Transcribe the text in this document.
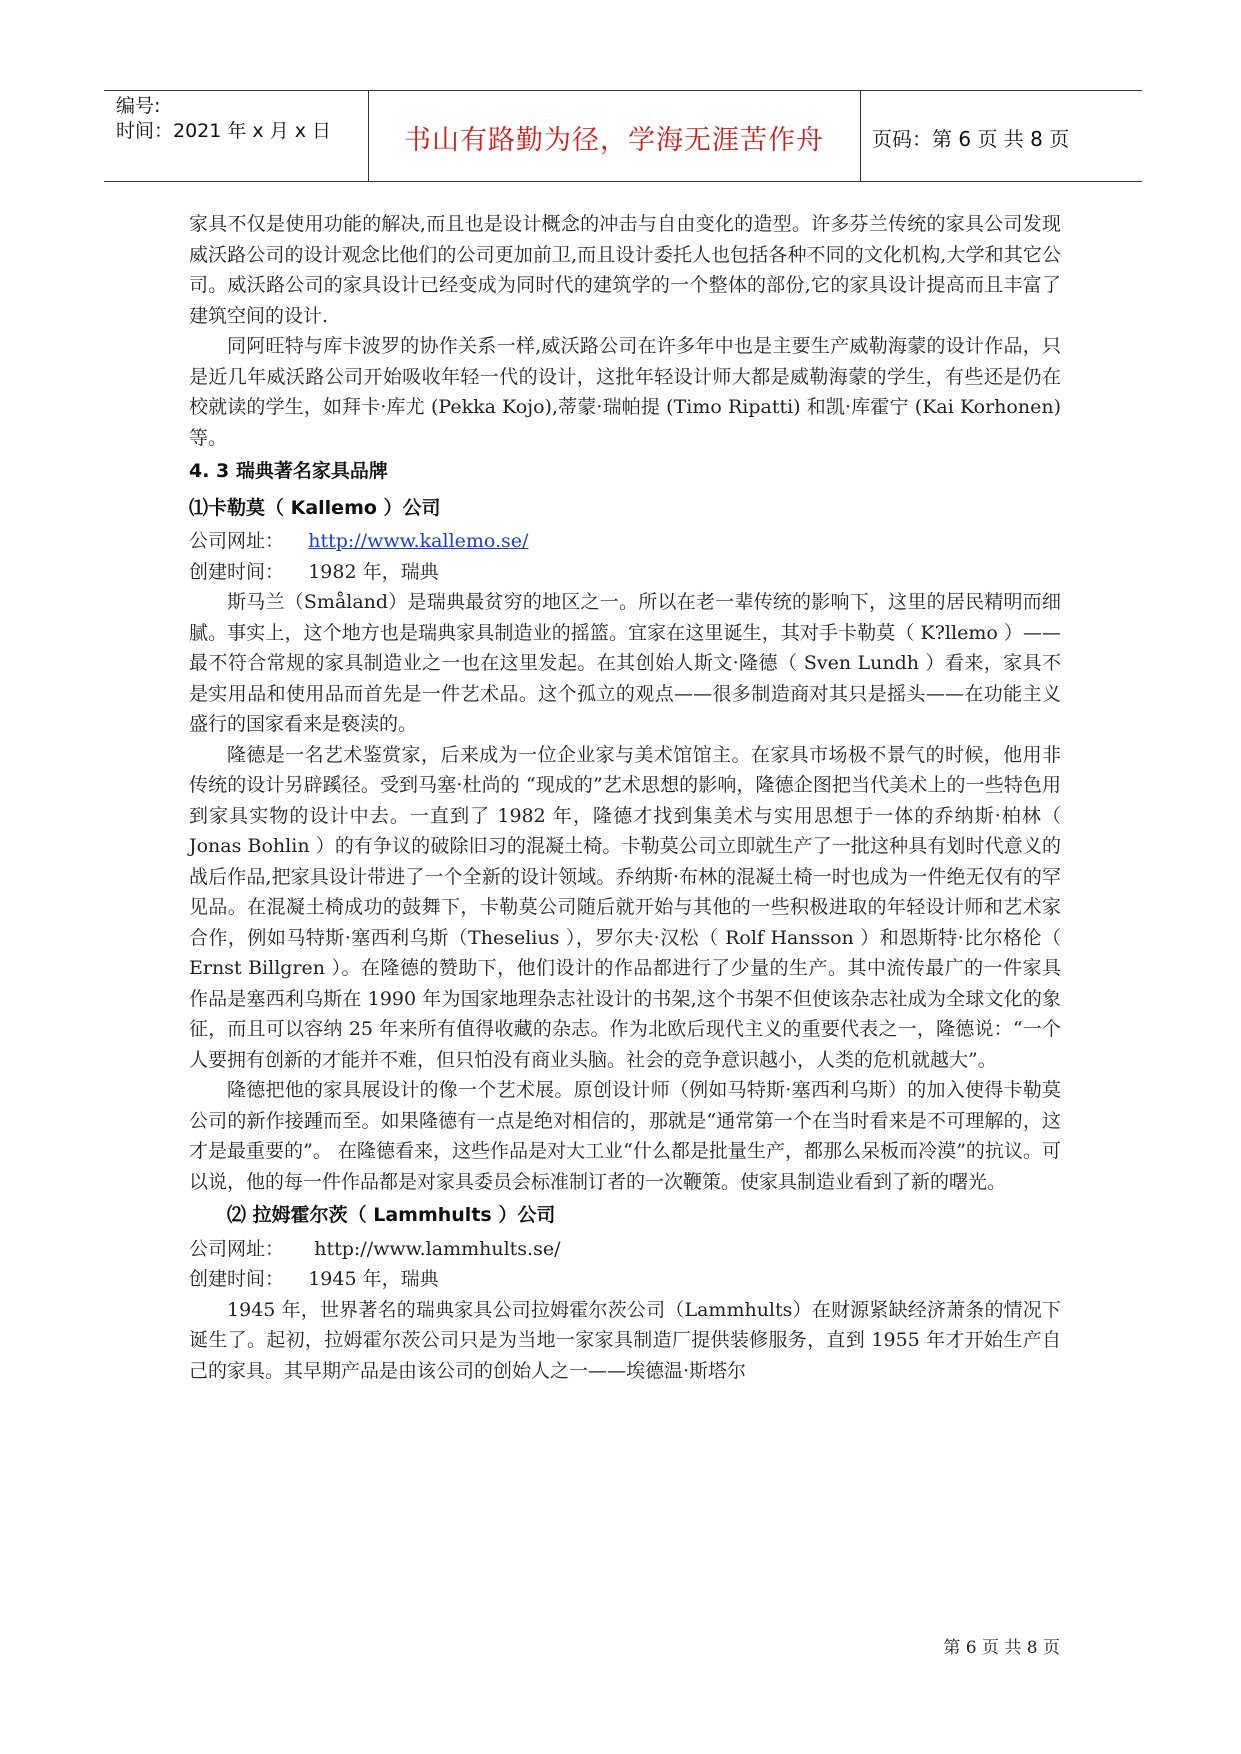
编号:
时间：2021 年 x 月 x 日	书山有路勤为径，学海无涯苦作舟	页码：第 6 页 共 8 页

家具不仅是使用功能的解决,而且也是设计概念的冲击与自由变化的造型。许多芬兰传统的家具公司发现威沃路公司的设计观念比他们的公司更加前卫,而且设计委托人也包括各种不同的文化机构,大学和其它公司。威沃路公司的家具设计已经变成为同时代的建筑学的一个整体的部份,它的家具设计提高而且丰富了建筑空间的设计.

同阿旺特与库卡波罗的协作关系一样,威沃路公司在许多年中也是主要生产威勒海蒙的设计作品，只是近几年威沃路公司开始吸收年轻一代的设计，这批年轻设计师大都是威勒海蒙的学生，有些还是仍在校就读的学生，如拜卡·库尤 (Pekka Kojo),蒂蒙·瑞帕提 (Timo Ripatti) 和凯·库霍宁 (Kai Korhonen) 等。

4. 3 瑞典著名家具品牌
⑴卡勒莫（ Kallemo ）公司

公司网址： http://www.kallemo.se/

创建时间： 1982 年，瑞典

斯马兰（Småland）是瑞典最贫穷的地区之一。所以在老一辈传统的影响下，这里的居民精明而细腻。事实上，这个地方也是瑞典家具制造业的摇篮。宜家在这里诞生，其对手卡勒莫（ K?llemo ）——最不符合常规的家具制造业之一也在这里发起。在其创始人斯文·隆德（ Sven Lundh ）看来，家具不是实用品和使用品而首先是一件艺术品。这个孤立的观点——很多制造商对其只是摇头——在功能主义盛行的国家看来是亵渎的。

隆德是一名艺术鉴赏家，后来成为一位企业家与美术馆馆主。在家具市场极不景气的时候，他用非传统的设计另辟蹊径。受到马塞·杜尚的 “现成的”艺术思想的影响，隆德企图把当代美术上的一些特色用到家具实物的设计中去。一直到了 1982 年，隆德才找到集美术与实用思想于一体的乔纳斯·柏林（ Jonas Bohlin ）的有争议的破除旧习的混凝土椅。卡勒莫公司立即就生产了一批这种具有划时代意义的战后作品,把家具设计带进了一个全新的设计领域。乔纳斯·布林的混凝土椅一时也成为一件绝无仅有的罕见品。在混凝土椅成功的鼓舞下，卡勒莫公司随后就开始与其他的一些积极进取的年轻设计师和艺术家合作，例如马特斯·塞西利乌斯（Theselius ），罗尔夫·汉松（ Rolf Hansson ）和恩斯特·比尔格伦（ Ernst Billgren ）。在隆德的赞助下，他们设计的作品都进行了少量的生产。其中流传最广的一件家具作品是塞西利乌斯在 1990 年为国家地理杂志社设计的书架,这个书架不但使该杂志社成为全球文化的象征，而且可以容纳 25 年来所有值得收藏的杂志。作为北欧后现代主义的重要代表之一，隆德说：“一个人要拥有创新的才能并不难，但只怕没有商业头脑。社会的竞争意识越小，人类的危机就越大”。

隆德把他的家具展设计的像一个艺术展。原创设计师（例如马特斯·塞西利乌斯）的加入使得卡勒莫公司的新作接踵而至。如果隆德有一点是绝对相信的，那就是“通常第一个在当时看来是不可理解的，这才是最重要的”。 在隆德看来，这些作品是对大工业“什么都是批量生产，都那么呆板而冷漠”的抗议。可以说，他的每一件作品都是对家具委员会标准制订者的一次鞭策。使家具制造业看到了新的曙光。

⑵ 拉姆霍尔茨（ Lammhults ）公司

公司网址： http://www.lammhults.se/

创建时间： 1945 年，瑞典

1945 年，世界著名的瑞典家具公司拉姆霍尔茨公司（Lammhults）在财源紧缺经济萧条的情况下诞生了。起初，拉姆霍尔茨公司只是为当地一家家具制造厂提供装修服务，直到 1955 年才开始生产自己的家具。其早期产品是由该公司的创始人之一——埃德温·斯塔尔

第 6 页 共 8 页
